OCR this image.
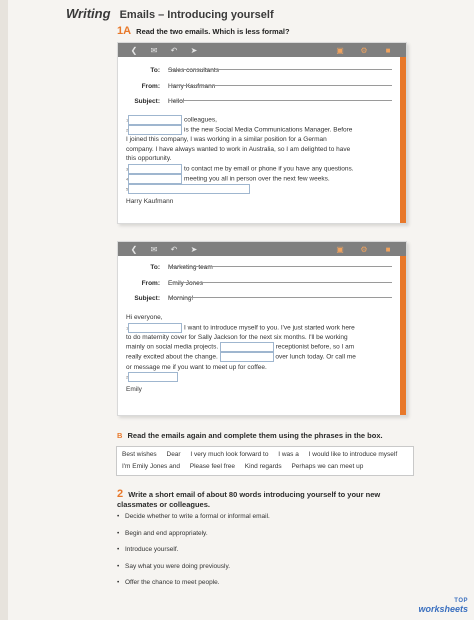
Writing Emails – Introducing yourself
1A Read the two emails. Which is less formal?
❮	✉	↶	➤	▣	⚙	■
To: Sales consultants
From: Harry Kaufmann
Subject: Hello!
1	colleagues,
2	is the new Social Media Communications Manager. Before
I joined this company, I was working in a similar position for a German
company. I have always wanted to work in Australia, so I am delighted to have
this opportunity.
3	to contact me by email or phone if you have any questions.
4	meeting you all in person over the next few weeks.
5
Harry Kaufmann
❮	✉	↶	➤	▣	⚙	■
To: Marketing team
From: Emily Jones
Subject: Morning!
Hi everyone,
1	I want to introduce myself to you. I've just started work here
to do maternity cover for Sally Jackson for the next six months. I'll be working
mainly on social media projects.	receptionist before, so I am
really excited about the change.	over lunch today. Or call me
or message me if you want to meet up for coffee.
2
Emily
B Read the emails again and complete them using the phrases in the box.
Best wishes Dear I very much look forward to I was a I would like to introduce myself
I'm Emily Jones and Please feel free Kind regards Perhaps we can meet up
2 Write a short email of about 80 words introducing yourself to your new classmates or colleagues.
• Decide whether to write a formal or informal email.
• Begin and end appropriately.
• Introduce yourself.
• Say what you were doing previously.
• Offer the chance to meet people.
TOP
worksheets
